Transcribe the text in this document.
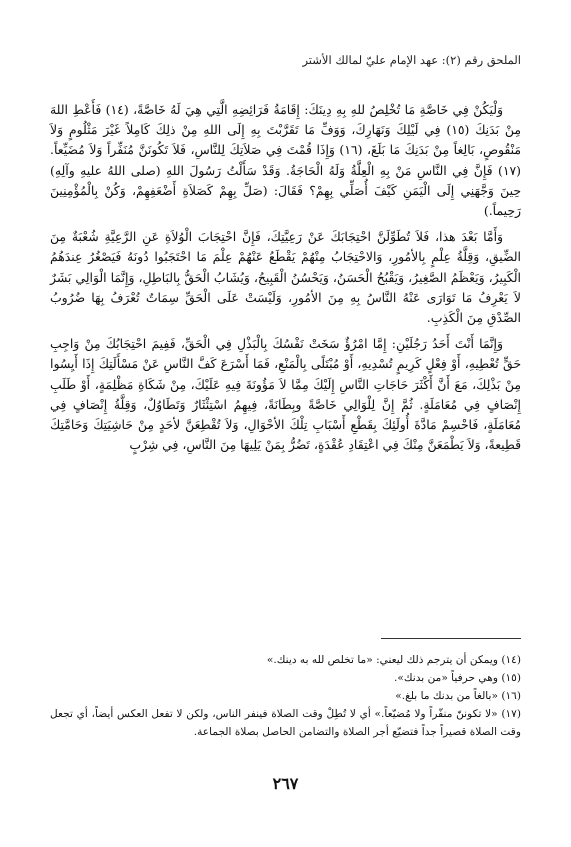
الملحق رقم (٢): عهد الإمام عليّ لمالك الأشتر

وَلْيَكُنْ فِي خَاصَّةِ مَا تُخْلِصُ للهِ بِهِ دِينَكَ: إِقَامَةُ فَرَائِضِهِ الَّتِي هِيَ لَهُ خَاصَّةً، (١٤) فَأَعْطِ اللهَ مِنْ بَدَنِكَ (١٥) فِي لَيْلِكَ وَنَهَارِكَ، وَوَفِّ مَا تَقَرَّبْتَ بِهِ إِلَى اللهِ مِنْ ذلِكَ كَامِلاً غَيْرَ مَثْلُومٍ وَلاَ مَنْقُوصٍ، بَالِغاً مِنْ بَدَنِكَ مَا بَلَغَ، (١٦) وَإِذَا قُمْتَ فِي صَلاَتِكَ لِلنَّاسِ، فَلاَ تَكُونَنَّ مُنَفِّراً وَلاَ مُضَيِّعاً. (١٧) فَإِنَّ فِي النَّاسِ مَنْ بِهِ الْعِلَّةُ وَلَهُ الْحَاجَةُ. وَقَدْ سَأَلْتُ رَسُولَ اللهِ (صلى اللهُ عليهِ وآلِهِ) حِينَ وَجَّهَنِي إِلَى الْيَمَنِ كَيْفَ أُصَلِّي بِهِمْ؟ فَقَالَ: (صَلِّ بِهِمْ كَصَلاَةِ أَضْعَفِهِمْ، وَكُنْ بِالْمُؤْمِنِينَ رَحِيماً.)

وَأَمَّا بَعْدَ هذا، فَلاَ تُطَوِّلَنَّ احْتِجَابَكَ عَنْ رَعِيَّتِكَ، فَإِنَّ احْتِجَابَ الْوُلاَةِ عَنِ الرَّعِيَّةِ شُعْبَةٌ مِنَ الضِّيقِ، وَقِلَّةُ عِلْمٍ بِالأمُورِ، وَالاحْتِجَابُ مِنْهُمْ يَقْطَعُ عَنْهُمْ عِلْمَ مَا احْتَجَبُوا دُونَهُ فَيَصْغُرُ عِندَهُمُ الْكَبِيرُ، وَيَعْظَمُ الصَّغِيرُ، وَيَقْبُحُ الْحَسَنُ، وَيَحْسُنُ الْقَبِيحُ، وَيُشَابُ الْحَقُّ بِالبَاطِلِ، وَإِنَّمَا الْوَالِي بَشَرٌ لاَ يَعْرِفُ مَا تَوَارَى عَنْهُ النَّاسُ بِهِ مِنَ الأمُورِ، وَلَيْسَتْ عَلَى الْحَقِّ سِمَاتٌ تُعْرَفُ بِهَا ضُرُوبُ الصِّدْقِ مِنَ الْكَذِبِ.

وَإِنَّمَا أَنْتَ أَحَدُ رَجُلَيْنِ: إِمَّا امْرُؤٌ سَخَتْ نَفْسُكَ بِالْبَذْلِ فِي الْحَقِّ، فَفِيمَ احْتِجَابُكَ مِنْ وَاجِبِ حَقٍّ تُعْطِيهِ، أَوْ فِعْلٍ كَرِيمٍ تُسْدِيهِ، أَوْ مُبْتَلًى بِالْمَنْعِ، فَمَا أَسْرَعَ كَفَّ النَّاسِ عَنْ مَسْأَلَتِكَ إِذَا أَيِسُوا مِنْ بَذْلِكَ، مَعَ أَنَّ أَكْثَرَ حَاجَاتِ النَّاسِ إِلَيْكَ مِمَّا لاَ مَؤُونَةَ فِيهِ عَلَيْكَ، مِنْ شَكَاةِ مَظْلِمَةٍ، أَوْ طَلَبِ إِنْصَافٍ فِي مُعَامَلَةٍ. ثُمَّ إِنَّ لِلْوَالِي خَاصَّةً وبِطَانَةً، فِيهِمُ اسْتِئْثَارٌ وَتَطَاوُلٌ، وَقِلَّةُ إِنْصَافٍ فِي مُعَامَلَةٍ، فَاحْسِمْ مَادَّةَ أُولَئِكَ بِقَطْعِ أَسْبَابِ تِلْكَ الأحْوَالِ، وَلاَ تُقْطِعَنَّ لأحَدٍ مِنْ حَاشِيَتِكَ وَحَامَّتِكَ قَطِيعةً، وَلاَ يَطْمَعَنَّ مِنْكَ فِي اعْتِقَادِ عُقْدَةٍ، تَضُرُّ بِمَنْ يَلِيهَا مِنَ النَّاسِ، فِي شِرْبٍ

(١٤) ويمكن أن يترجم ذلك ليعني: «ما تخلص لله به دينك.»

(١٥) وهي حرفياً «من بدنك».

(١٦) «بالغاً من بدنك ما بلغ.»

(١٧) «لا تكوننّ منفّراً ولا مُضيّعاً.» أي لا تُطِلْ وقت الصلاة فينفر الناس، ولكن لا تفعل العكس أيضاً، أي تجعل وقت الصلاة قصيراً جداً فتضيّع أجر الصلاة والتضامن الحاصل بصلاة الجماعة.

٢٦٧
